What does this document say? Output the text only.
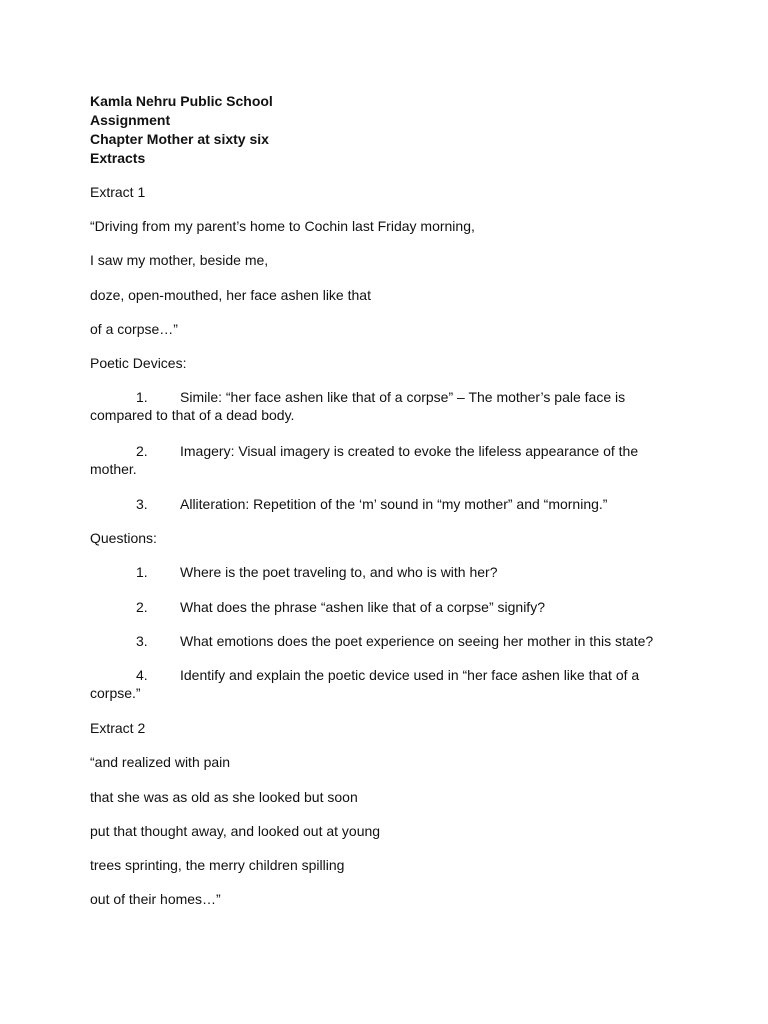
Kamla Nehru Public School
Assignment
Chapter Mother at sixty six
Extracts
Extract 1
“Driving from my parent’s home to Cochin last Friday morning,
I saw my mother, beside me,
doze, open-mouthed, her face ashen like that
of a corpse…”
Poetic Devices:
1.	Simile: “her face ashen like that of a corpse” – The mother’s pale face is compared to that of a dead body.
2.	Imagery: Visual imagery is created to evoke the lifeless appearance of the mother.
3.	Alliteration: Repetition of the ‘m’ sound in “my mother” and “morning.”
Questions:
1.	Where is the poet traveling to, and who is with her?
2.	What does the phrase “ashen like that of a corpse” signify?
3.	What emotions does the poet experience on seeing her mother in this state?
4.	Identify and explain the poetic device used in “her face ashen like that of a corpse.”
Extract 2
“and realized with pain
that she was as old as she looked but soon
put that thought away, and looked out at young
trees sprinting, the merry children spilling
out of their homes…”
